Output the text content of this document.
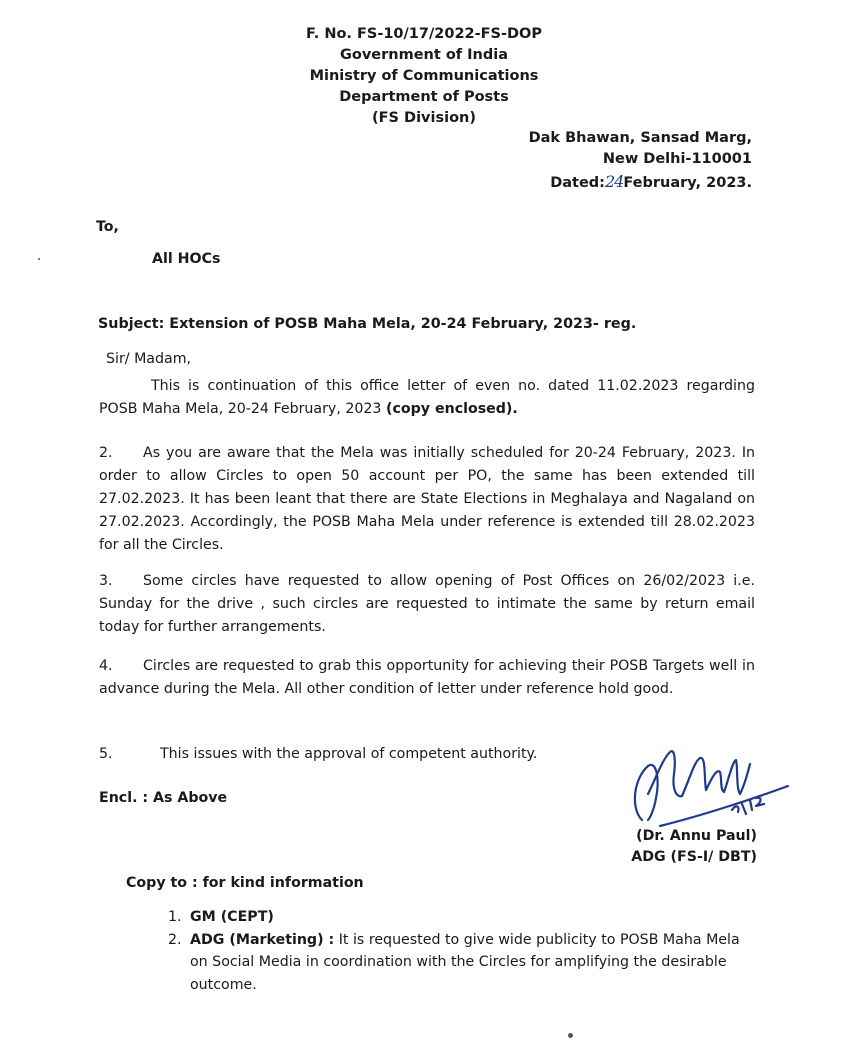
F. No. FS-10/17/2022-FS-DOP
Government of India
Ministry of Communications
Department of Posts
(FS Division)
Dak Bhawan, Sansad Marg,
New Delhi-110001
Dated:24February, 2023.
To,
All HOCs
Subject: Extension of POSB Maha Mela, 20-24 February, 2023- reg.
Sir/ Madam,
This is continuation of this office letter of even no. dated 11.02.2023 regarding POSB Maha Mela, 20-24 February, 2023 (copy enclosed).
2. As you are aware that the Mela was initially scheduled for 20-24 February, 2023. In order to allow Circles to open 50 account per PO, the same has been extended till 27.02.2023. It has been leant that there are State Elections in Meghalaya and Nagaland on 27.02.2023. Accordingly, the POSB Maha Mela under reference is extended till 28.02.2023 for all the Circles.
3. Some circles have requested to allow opening of Post Offices on 26/02/2023 i.e. Sunday for the drive , such circles are requested to intimate the same by return email today for further arrangements.
4. Circles are requested to grab this opportunity for achieving their POSB Targets well in advance during the Mela. All other condition of letter under reference hold good.
5.	This issues with the approval of competent authority.
Encl. : As Above
(Dr. Annu Paul)
ADG (FS-I/ DBT)
Copy to : for kind information
1. GM (CEPT)
2. ADG (Marketing) : It is requested to give wide publicity to POSB Maha Mela on Social Media in coordination with the Circles for amplifying the desirable outcome.
